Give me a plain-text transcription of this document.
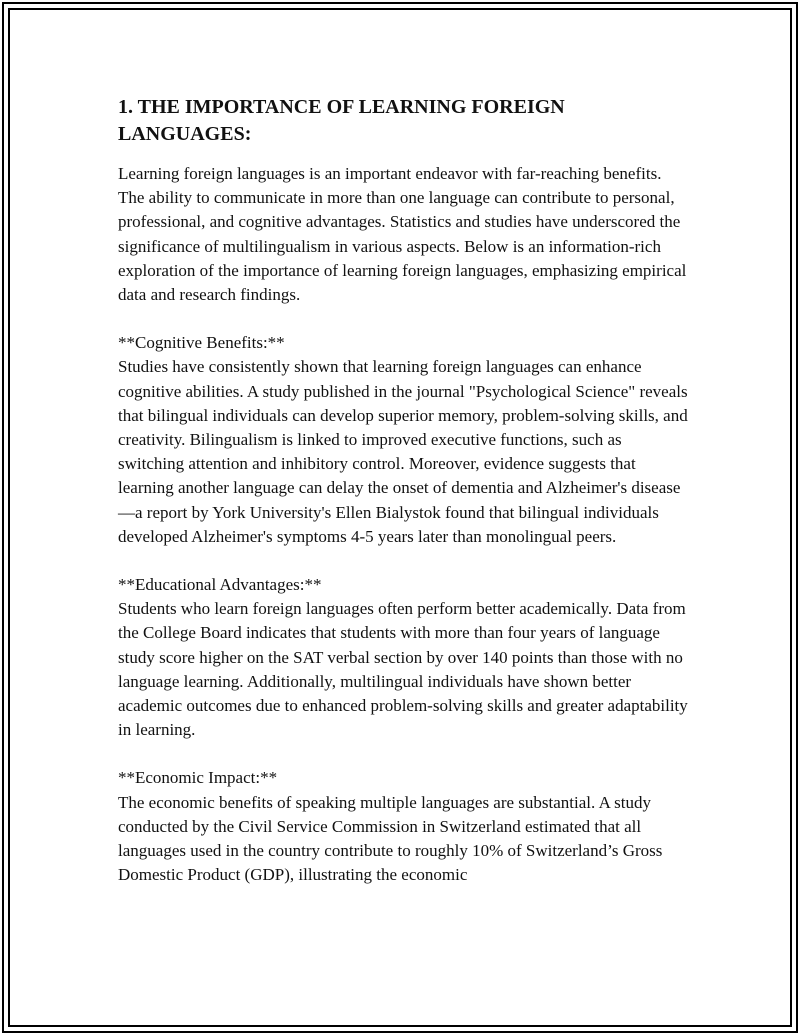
1. THE IMPORTANCE OF LEARNING FOREIGN LANGUAGES:

Learning foreign languages is an important endeavor with far-reaching benefits. The ability to communicate in more than one language can contribute to personal, professional, and cognitive advantages. Statistics and studies have underscored the significance of multilingualism in various aspects. Below is an information-rich exploration of the importance of learning foreign languages, emphasizing empirical data and research findings.

**Cognitive Benefits:**
Studies have consistently shown that learning foreign languages can enhance cognitive abilities. A study published in the journal "Psychological Science" reveals that bilingual individuals can develop superior memory, problem-solving skills, and creativity. Bilingualism is linked to improved executive functions, such as switching attention and inhibitory control. Moreover, evidence suggests that learning another language can delay the onset of dementia and Alzheimer's disease—a report by York University's Ellen Bialystok found that bilingual individuals developed Alzheimer's symptoms 4-5 years later than monolingual peers.

**Educational Advantages:**
Students who learn foreign languages often perform better academically. Data from the College Board indicates that students with more than four years of language study score higher on the SAT verbal section by over 140 points than those with no language learning. Additionally, multilingual individuals have shown better academic outcomes due to enhanced problem-solving skills and greater adaptability in learning.

**Economic Impact:**
The economic benefits of speaking multiple languages are substantial. A study conducted by the Civil Service Commission in Switzerland estimated that all languages used in the country contribute to roughly 10% of Switzerland’s Gross Domestic Product (GDP), illustrating the economic
